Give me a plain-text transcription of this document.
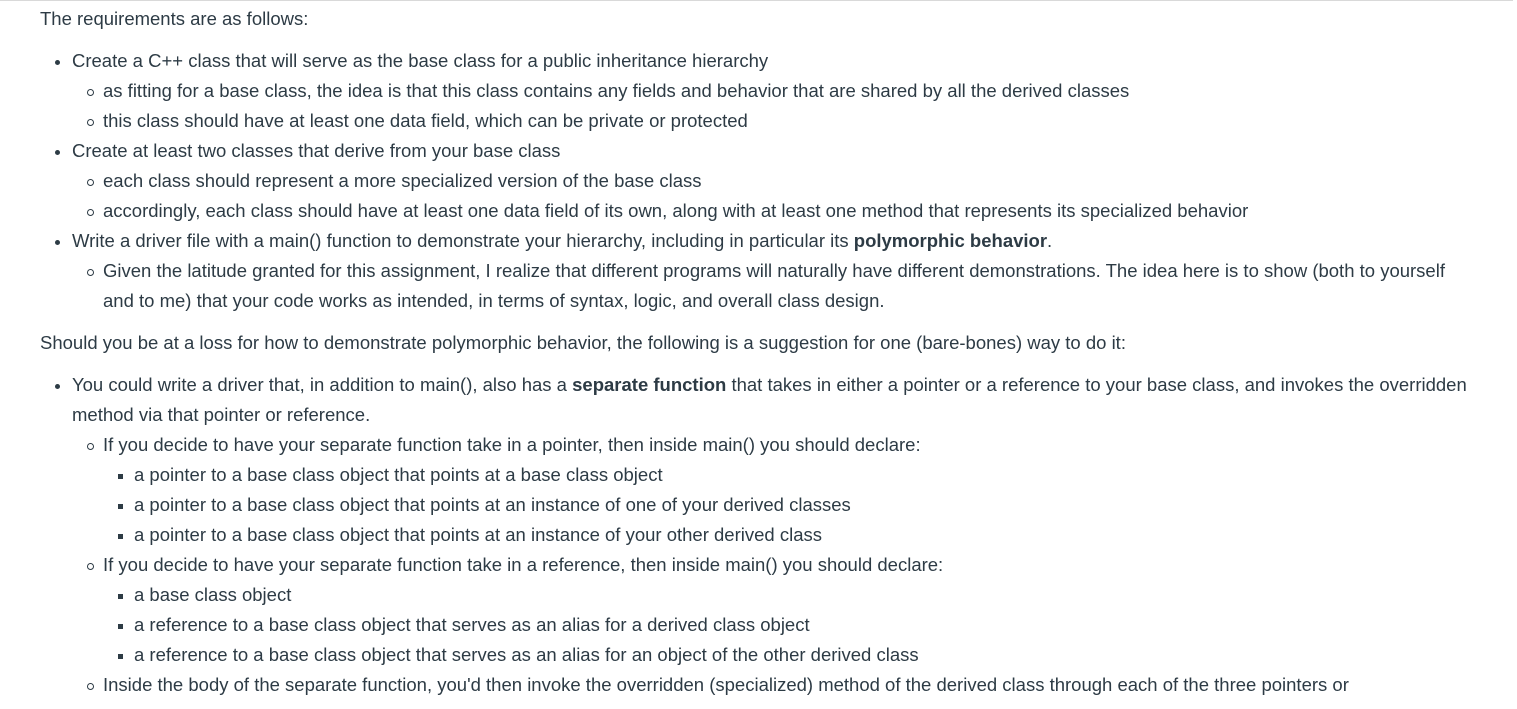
The requirements are as follows:

Create a C++ class that will serve as the base class for a public inheritance hierarchy
as fitting for a base class, the idea is that this class contains any fields and behavior that are shared by all the derived classes
this class should have at least one data field, which can be private or protected
Create at least two classes that derive from your base class
each class should represent a more specialized version of the base class
accordingly, each class should have at least one data field of its own, along with at least one method that represents its specialized behavior
Write a driver file with a main() function to demonstrate your hierarchy, including in particular its polymorphic behavior.
Given the latitude granted for this assignment, I realize that different programs will naturally have different demonstrations. The idea here is to show (both to yourself and to me) that your code works as intended, in terms of syntax, logic, and overall class design.

Should you be at a loss for how to demonstrate polymorphic behavior, the following is a suggestion for one (bare-bones) way to do it:

You could write a driver that, in addition to main(), also has a separate function that takes in either a pointer or a reference to your base class, and invokes the overridden method via that pointer or reference.
If you decide to have your separate function take in a pointer, then inside main() you should declare:
a pointer to a base class object that points at a base class object
a pointer to a base class object that points at an instance of one of your derived classes
a pointer to a base class object that points at an instance of your other derived class
If you decide to have your separate function take in a reference, then inside main() you should declare:
a base class object
a reference to a base class object that serves as an alias for a derived class object
a reference to a base class object that serves as an alias for an object of the other derived class
Inside the body of the separate function, you'd then invoke the overridden (specialized) method of the derived class through each of the three pointers or
